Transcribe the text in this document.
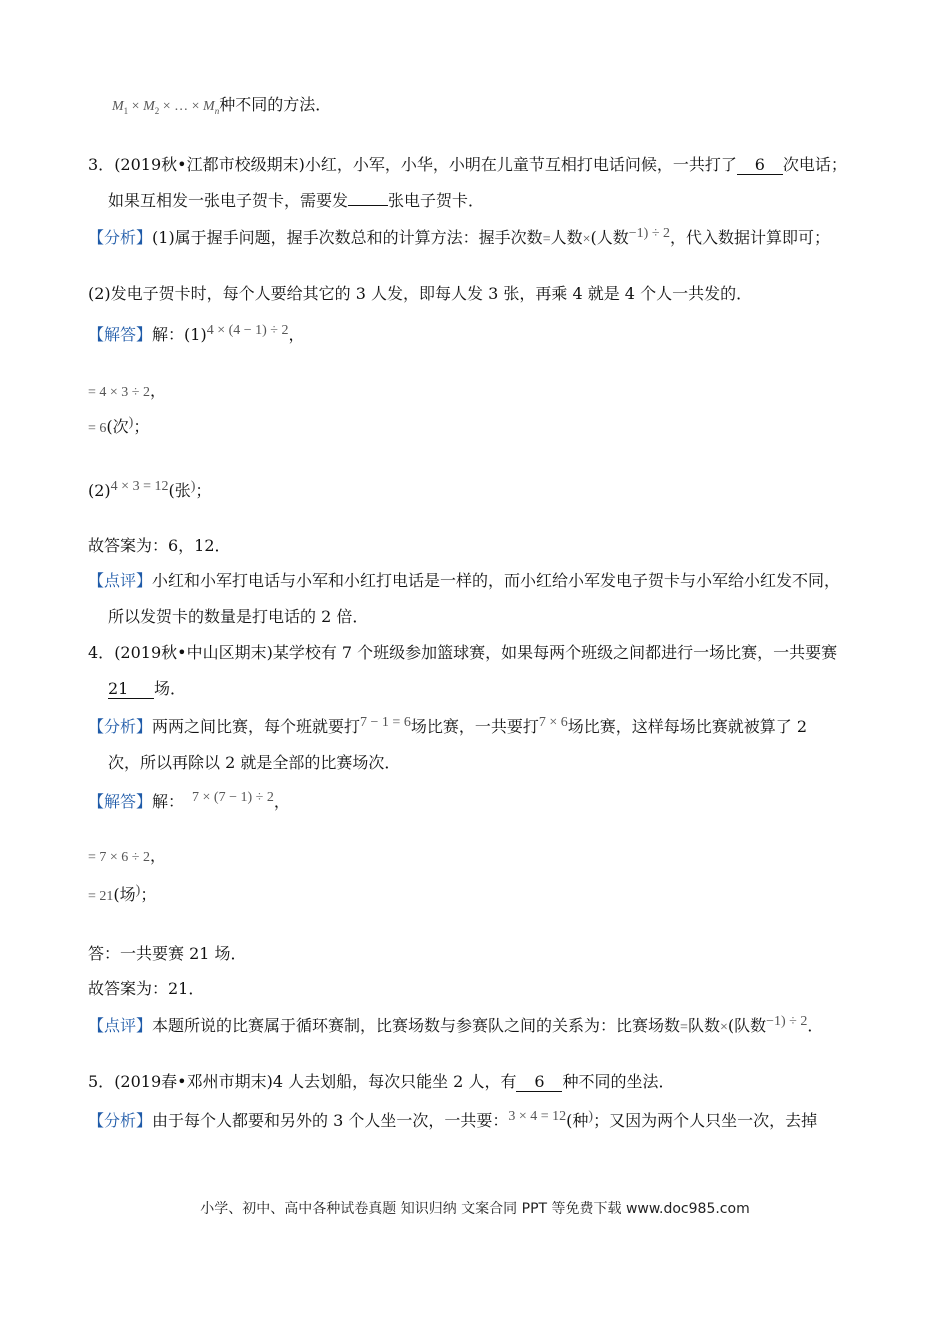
$M_1 \times M_2$ × … × $M_n$种不同的方法．
3．(2019秋•江都市校级期末)小红，小军，小华，小明在儿童节互相打电话问候，一共打了 6 次电话；
如果互相发一张电子贺卡，需要发	张电子贺卡．
【分析】(1)属于握手问题，握手次数总和的计算方法：握手次数=人数×(人数−1) ÷ 2，代入数据计算即可；
(2)发电子贺卡时，每个人要给其它的 3 人发，即每人发 3 张，再乘 4 就是 4 个人一共发的．
【解答】解：(1)4 × (4 − 1) ÷ 2，
= 4 × 3 ÷ 2，
= 6(次)；
(2)4 × 3 = 12(张)；
故答案为：6，12．
【点评】小红和小军打电话与小军和小红打电话是一样的，而小红给小军发电子贺卡与小军给小红发不同，
所以发贺卡的数量是打电话的 2 倍．
4．(2019秋•中山区期末)某学校有 7 个班级参加篮球赛，如果每两个班级之间都进行一场比赛，一共要赛
21 场．
【分析】两两之间比赛，每个班就要打7 − 1 = 6场比赛，一共要打7 × 6场比赛，这样每场比赛就被算了 2
次，所以再除以 2 就是全部的比赛场次．
【解答】解： 7 × (7 − 1) ÷ 2，
= 7 × 6 ÷ 2，
= 21(场)；
答：一共要赛 21 场．
故答案为：21．
【点评】本题所说的比赛属于循环赛制，比赛场数与参赛队之间的关系为：比赛场数=队数×(队数−1) ÷ 2．
5．(2019春•邓州市期末)4 人去划船，每次只能坐 2 人，有 6 种不同的坐法．
【分析】由于每个人都要和另外的 3 个人坐一次，一共要：3 × 4 = 12(种)；又因为两个人只坐一次，去掉
小学、初中、高中各种试卷真题 知识归纳 文案合同 PPT 等免费下载 www.doc985.com
